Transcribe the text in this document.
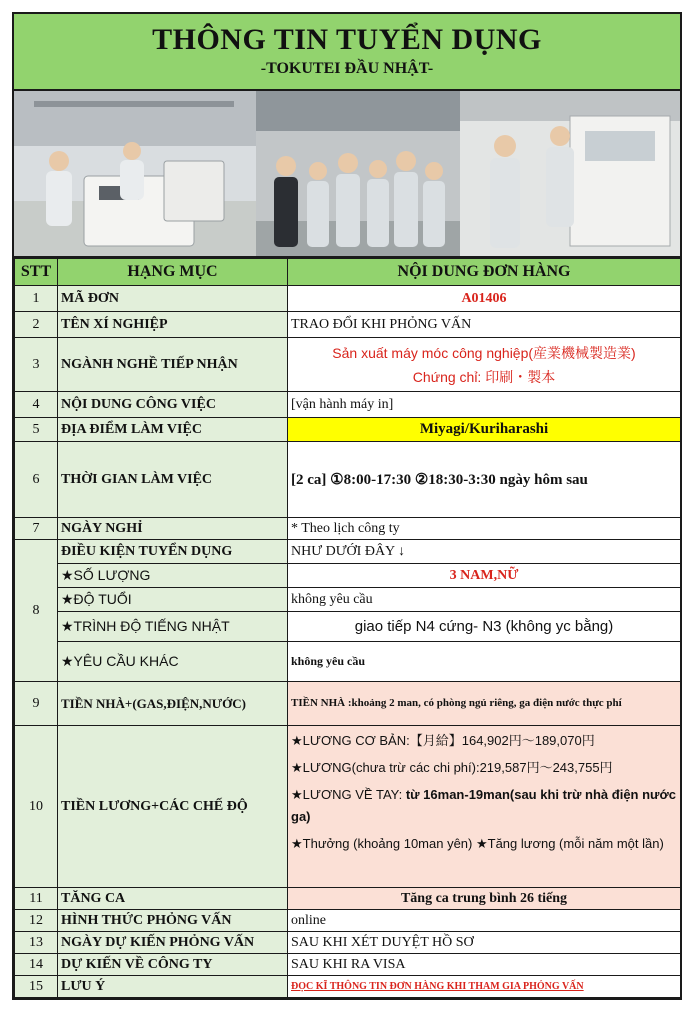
THÔNG TIN TUYỂN DỤNG
-TOKUTEI ĐẦU NHẬT-
STT	HẠNG MỤC	NỘI DUNG ĐƠN HÀNG
1	MÃ ĐƠN	A01406
2	TÊN XÍ NGHIỆP	TRAO ĐỔI KHI PHỎNG VẤN
3	NGÀNH NGHỀ TIẾP NHẬN	Sản xuất máy móc công nghiệp(産業機械製造業)
Chứng chỉ: 印刷・製本

4	NỘI DUNG CÔNG VIỆC	[vận hành máy in]
5	ĐỊA ĐIỂM LÀM VIỆC	Miyagi/Kuriharashi
6	THỜI GIAN LÀM VIỆC	[2 ca] ①8:00-17:30 ②18:30-3:30 ngày hôm sau
7	NGÀY NGHỈ	* Theo lịch công ty
8	ĐIỀU KIỆN TUYỂN DỤNG	NHƯ DƯỚI ĐÂY ↓
	★SỐ LƯỢNG	3 NAM,NỮ
	★ĐỘ TUỔI	không yêu cầu
	★TRÌNH ĐỘ TIẾNG NHẬT	giao tiếp N4 cứng- N3 (không yc bằng)
	★YÊU CẦU KHÁC	không yêu cầu
9	TIỀN NHÀ+(GAS,ĐIỆN,NƯỚC)	TIỀN NHÀ :khoảng 2 man, có phòng ngủ riêng, ga điện nước thực phí
10	TIỀN LƯƠNG+CÁC CHẾ ĐỘ	★LƯƠNG CƠ BẢN:【月給】164,902円～189,070円
★LƯƠNG(chưa trừ các chi phí):219,587円～243,755円
★LƯƠNG VỀ TAY: từ 16man-19man(sau khi trừ nhà điện nước ga)
★Thưởng (khoảng 10man yên) ★Tăng lương (mỗi năm một lần)

11	TĂNG CA	Tăng ca trung bình 26 tiếng
12	HÌNH THỨC PHỎNG VẤN	online
13	NGÀY DỰ KIẾN PHỎNG VẤN	SAU KHI XÉT DUYỆT HỒ SƠ
14	DỰ KIẾN VỀ CÔNG TY	SAU KHI RA VISA
15	LƯU Ý	ĐỌC KĨ THÔNG TIN ĐƠN HÀNG KHI THAM GIA PHỎNG VẤN
